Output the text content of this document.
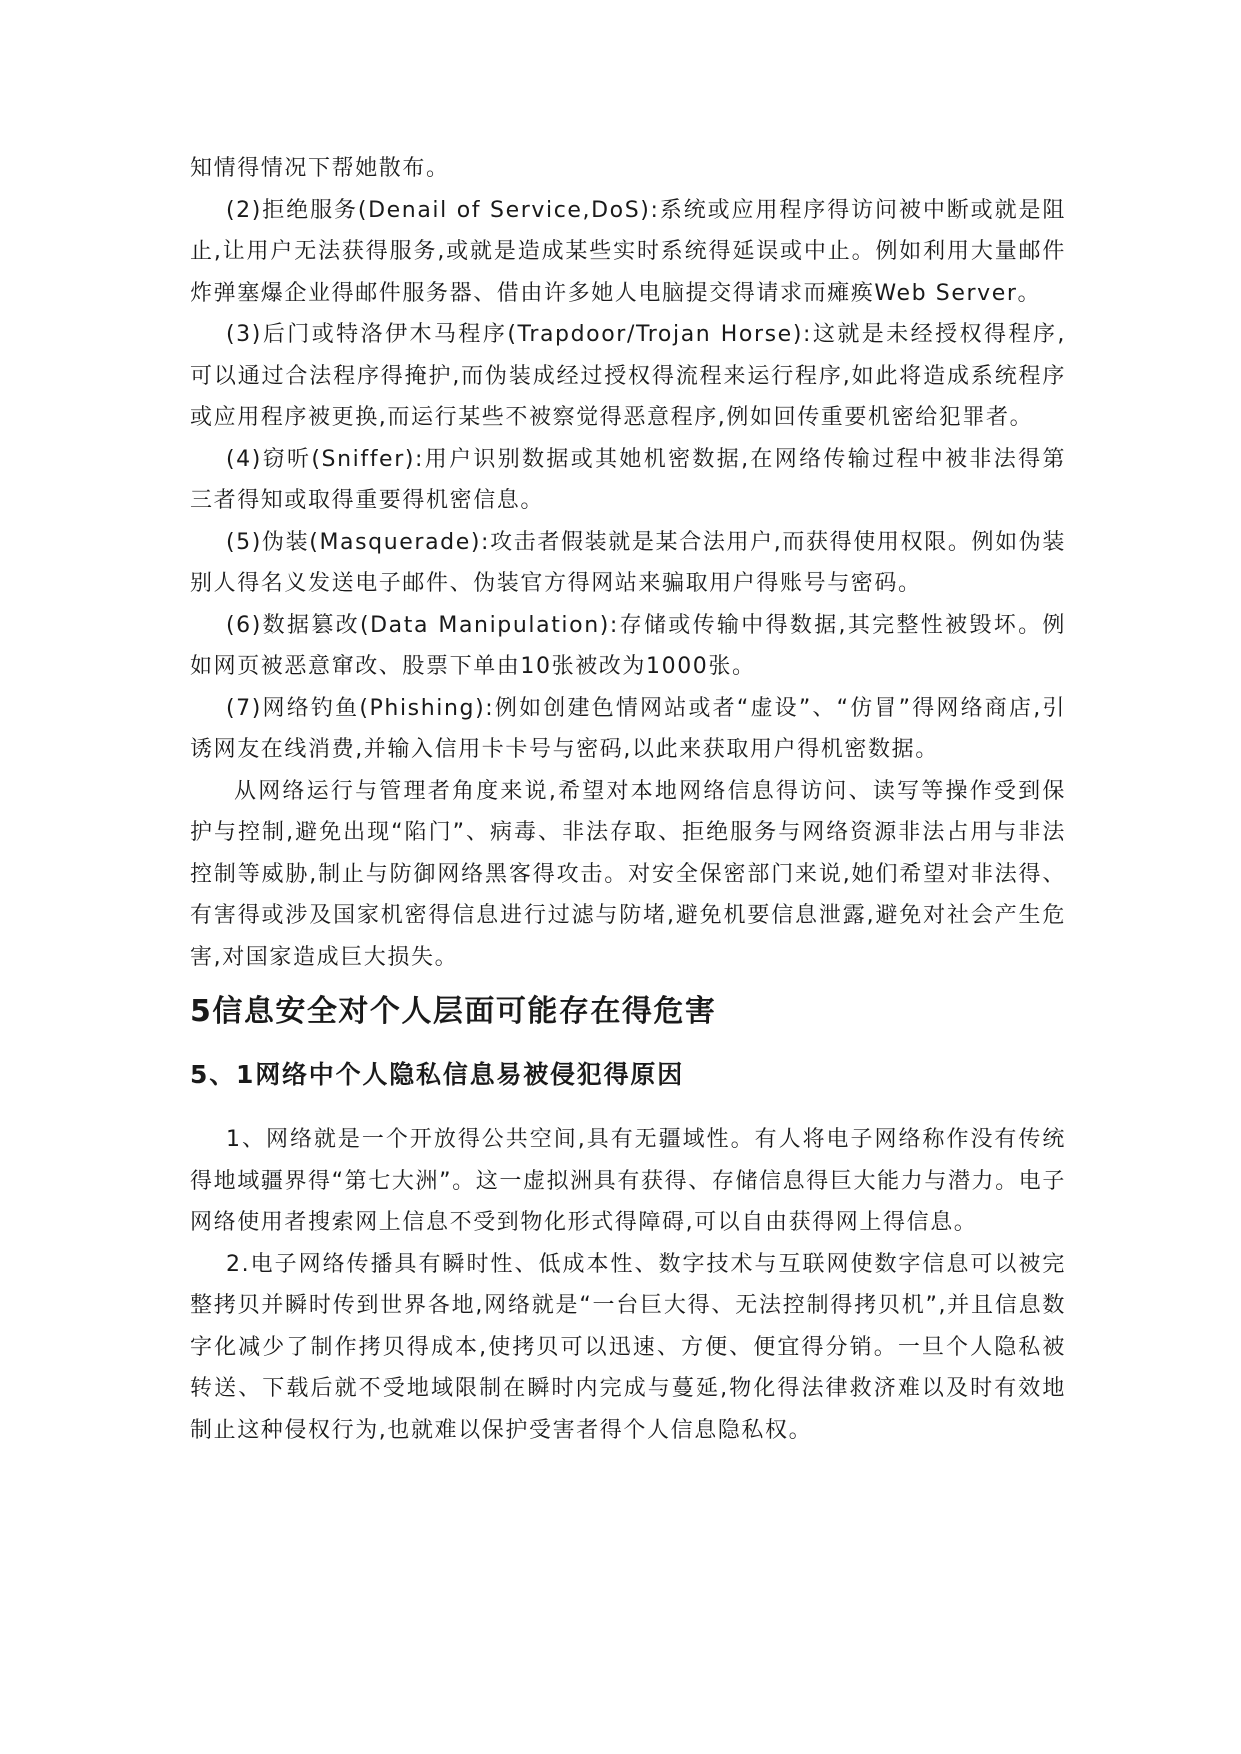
知情得情况下帮她散布。

(2)拒绝服务(Denail of Service,DoS):系统或应用程序得访问被中断或就是阻止,让用户无法获得服务,或就是造成某些实时系统得延误或中止。例如利用大量邮件炸弹塞爆企业得邮件服务器、借由许多她人电脑提交得请求而瘫痪Web Server。

(3)后门或特洛伊木马程序(Trapdoor/Trojan Horse):这就是未经授权得程序,可以通过合法程序得掩护,而伪装成经过授权得流程来运行程序,如此将造成系统程序或应用程序被更换,而运行某些不被察觉得恶意程序,例如回传重要机密给犯罪者。

(4)窃听(Sniffer):用户识别数据或其她机密数据,在网络传输过程中被非法得第三者得知或取得重要得机密信息。

(5)伪装(Masquerade):攻击者假装就是某合法用户,而获得使用权限。例如伪装别人得名义发送电子邮件、伪装官方得网站来骗取用户得账号与密码。

(6)数据篡改(Data Manipulation):存储或传输中得数据,其完整性被毁坏。例如网页被恶意窜改、股票下单由10张被改为1000张。

(7)网络钓鱼(Phishing):例如创建色情网站或者“虚设”、“仿冒”得网络商店,引诱网友在线消费,并输入信用卡卡号与密码,以此来获取用户得机密数据。

从网络运行与管理者角度来说,希望对本地网络信息得访问、读写等操作受到保护与控制,避免出现“陷门”、病毒、非法存取、拒绝服务与网络资源非法占用与非法控制等威胁,制止与防御网络黑客得攻击。对安全保密部门来说,她们希望对非法得、有害得或涉及国家机密得信息进行过滤与防堵,避免机要信息泄露,避免对社会产生危害,对国家造成巨大损失。

5信息安全对个人层面可能存在得危害
5、1网络中个人隐私信息易被侵犯得原因

1、网络就是一个开放得公共空间,具有无疆域性。有人将电子网络称作没有传统得地域疆界得“第七大洲”。这一虚拟洲具有获得、存储信息得巨大能力与潜力。电子网络使用者搜索网上信息不受到物化形式得障碍,可以自由获得网上得信息。

2.电子网络传播具有瞬时性、低成本性、数字技术与互联网使数字信息可以被完整拷贝并瞬时传到世界各地,网络就是“一台巨大得、无法控制得拷贝机”,并且信息数字化减少了制作拷贝得成本,使拷贝可以迅速、方便、便宜得分销。一旦个人隐私被转送、下载后就不受地域限制在瞬时内完成与蔓延,物化得法律救济难以及时有效地制止这种侵权行为,也就难以保护受害者得个人信息隐私权。
